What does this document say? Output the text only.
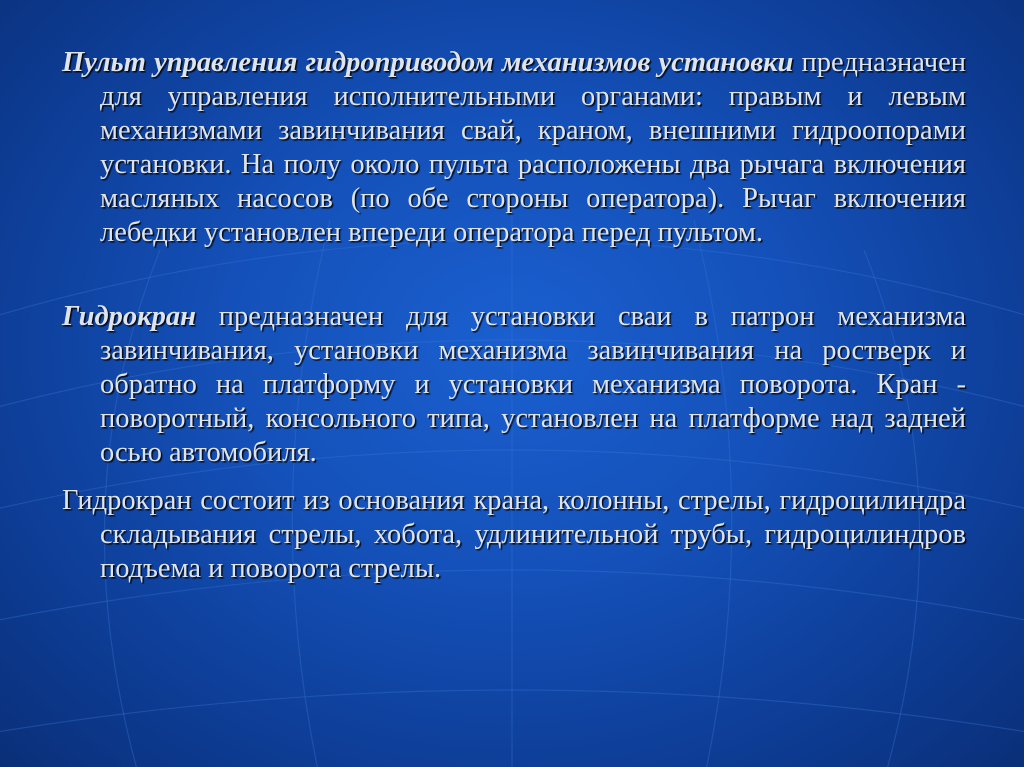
Пульт управления гидроприводом механизмов установки предназначен для управления исполнительными органами: правым и левым механизмами завинчивания свай, краном, внешними гидроопорами установки. На полу около пульта расположены два рычага включения масляных насосов (по обе стороны оператора). Рычаг включения лебедки установлен впереди оператора перед пультом.

Гидрокран предназначен для установки сваи в патрон механизма завинчивания, установки механизма завинчивания на ростверк и обратно на платформу и установки механизма поворота. Кран - поворотный, консольного типа, установлен на платформе над задней осью автомобиля.

Гидрокран состоит из основания крана, колонны, стрелы, гидроцилиндра складывания стрелы, хобота, удлинительной трубы, гидроцилиндров подъема и поворота стрелы.
